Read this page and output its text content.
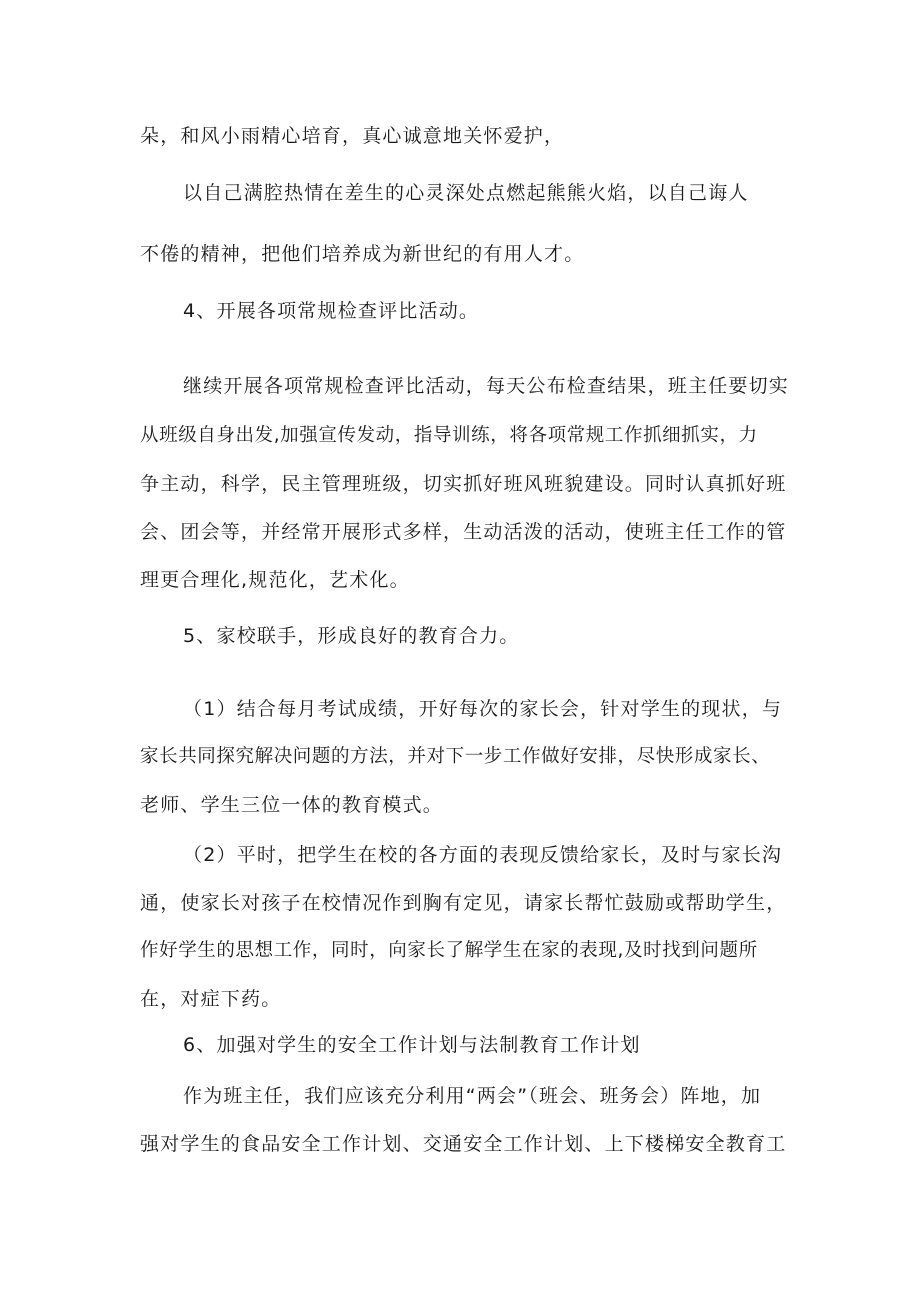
朵，和风小雨精心培育，真心诚意地关怀爱护，
以自己满腔热情在差生的心灵深处点燃起熊熊火焰，以自己诲人
不倦的精神，把他们培养成为新世纪的有用人才。
4、开展各项常规检查评比活动。
继续开展各项常规检查评比活动，每天公布检查结果，班主任要切实
从班级自身出发,加强宣传发动，指导训练，将各项常规工作抓细抓实，力
争主动，科学，民主管理班级，切实抓好班风班貌建设。同时认真抓好班
会、团会等，并经常开展形式多样，生动活泼的活动，使班主任工作的管
理更合理化,规范化，艺术化。
5、家校联手，形成良好的教育合力。
（1）结合每月考试成绩，开好每次的家长会，针对学生的现状，与
家长共同探究解决问题的方法，并对下一步工作做好安排，尽快形成家长、
老师、学生三位一体的教育模式。
（2）平时，把学生在校的各方面的表现反馈给家长，及时与家长沟
通，使家长对孩子在校情况作到胸有定见，请家长帮忙鼓励或帮助学生，
作好学生的思想工作，同时，向家长了解学生在家的表现,及时找到问题所
在，对症下药。
6、加强对学生的安全工作计划与法制教育工作计划
作为班主任，我们应该充分利用“两会”（班会、班务会）阵地，加
强对学生的食品安全工作计划、交通安全工作计划、上下楼梯安全教育工
